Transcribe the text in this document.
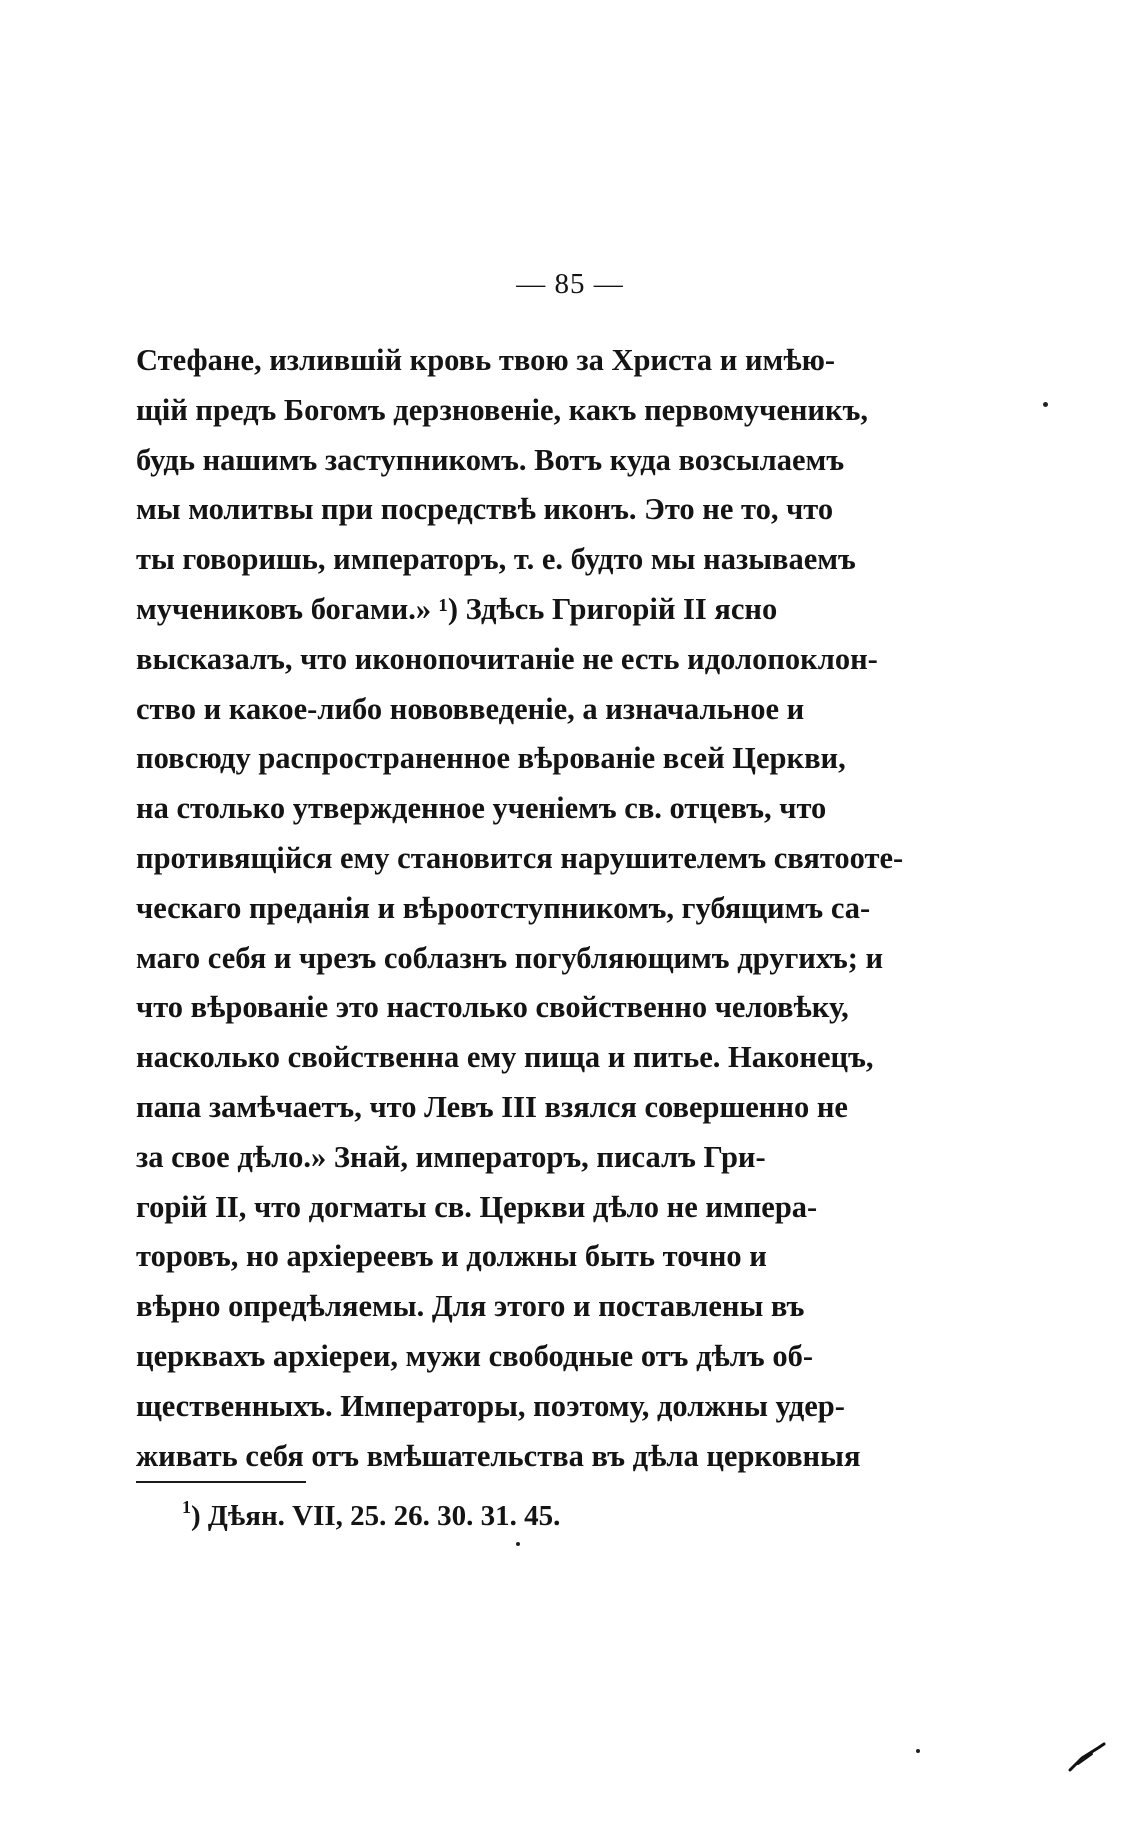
— 85 —
Стефане, излившій кровь твою за Христа и имѣю-
щій предъ Богомъ дерзновеніе, какъ первомученикъ,
будь нашимъ заступникомъ. Вотъ куда возсылаемъ
мы молитвы при посредствѣ иконъ. Это не то, что
ты говоришь, императоръ, т. е. будто мы называемъ
мучениковъ богами.» ¹) Здѣсь Григорій II ясно
высказалъ, что иконопочитаніе не есть идолопоклон-
ство и какое-либо нововведеніе, а изначальное и
повсюду распространенное вѣрованіе всей Церкви,
на столько утвержденное ученіемъ св. отцевъ, что
противящійся ему становится нарушителемъ святооте-
ческаго преданія и вѣроотступникомъ, губящимъ са-
маго себя и чрезъ соблазнъ погубляющимъ другихъ; и
что вѣрованіе это настолько свойственно человѣку,
насколько свойственна ему пища и питье. Наконецъ,
папа замѣчаетъ, что Левъ III взялся совершенно не
за свое дѣло.» Знай, императоръ, писалъ Гри-
горій II, что догматы св. Церкви дѣло не импера-
торовъ, но архіереевъ и должны быть точно и
вѣрно опредѣляемы. Для этого и поставлены въ
церквахъ архіереи, мужи свободные отъ дѣлъ об-
щественныхъ. Императоры, поэтому, должны удер-
живать себя отъ вмѣшательства въ дѣла церковныя
$^1$) Дѣян. VII, 25. 26. 30. 31. 45.
